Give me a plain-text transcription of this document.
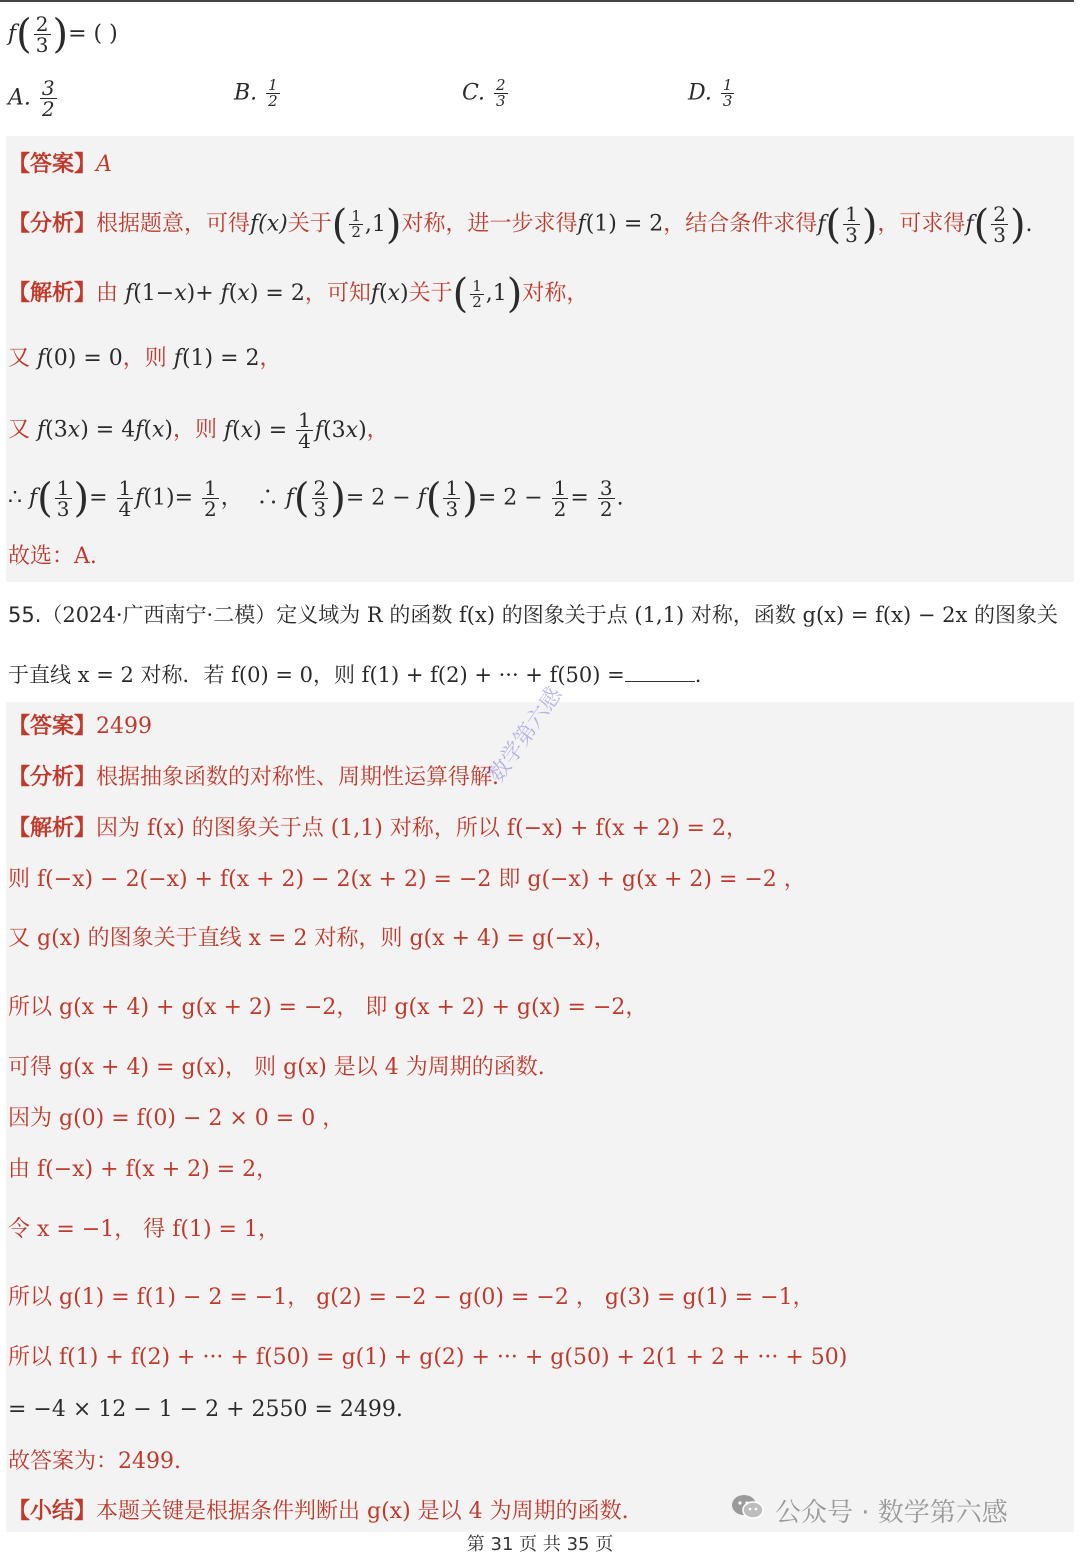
$f( \frac{2}{3}$ )= ( )
A. $\frac{3}{2}$	B. $\frac{1}{2}$	C. $\frac{2}{3}$	D. $\frac{1}{3}$
【答案】A
【分析】根据题意，可得f(x)关于( $\frac{1}{2} ,1$)对称，进一步求得f(1) = 2，结合条件求得$f( \frac{1}{3}$ )，可求得$f( \frac{2}{3}$ ).
【解析】由 f(1−x)+ f(x) = 2，可知f(x)关于( $\frac{1}{2} ,1$)对称，
又 f(0) = 0，则 f(1) = 2，
又 f(3x) = 4f(x)，则 $f(x) = \frac{1}{4} f(3x)$，
∴ $f( \frac{1}{3}$ )= $\frac{1}{4} f(1)= \frac{1}{2}$ ，  ∴ $f( \frac{2}{3}$ )= $2 - f( \frac{1}{3}$ )= $2 - \frac{1}{2} = \frac{3}{2}$ .
故选：A.
55.（2024·广西南宁·二模）定义域为 R 的函数 f(x) 的图象关于点 (1,1) 对称，函数 g(x) = f(x) − 2x 的图象关
于直线 x = 2 对称．若 f(0) = 0，则 f(1) + f(2) + ··· + f(50) =	.
【答案】2499
【分析】根据抽象函数的对称性、周期性运算得解.
【解析】因为 f(x) 的图象关于点 (1,1) 对称，所以 f(−x) + f(x + 2) = 2，
则 f(−x) − 2(−x) + f(x + 2) − 2(x + 2) = −2 即 g(−x) + g(x + 2) = −2 ，
又 g(x) 的图象关于直线 x = 2 对称，则 g(x + 4) = g(−x)，
所以 g(x + 4) + g(x + 2) = −2， 即 g(x + 2) + g(x) = −2，
可得 g(x + 4) = g(x)， 则 g(x) 是以 4 为周期的函数.
因为 g(0) = f(0) − 2 × 0 = 0 ，
由 f(−x) + f(x + 2) = 2，
令 x = −1， 得 f(1) = 1，
所以 g(1) = f(1) − 2 = −1， g(2) = −2 − g(0) = −2 ， g(3) = g(1) = −1，
所以 f(1) + f(2) + ··· + f(50) = g(1) + g(2) + ··· + g(50) + 2(1 + 2 + ··· + 50)
= −4 × 12 − 1 − 2 + 2550 = 2499.
故答案为：2499.
【小结】本题关键是根据条件判断出 g(x) 是以 4 为周期的函数.
数学第六感
公众号 · 数学第六感
第 31 页 共 35 页
